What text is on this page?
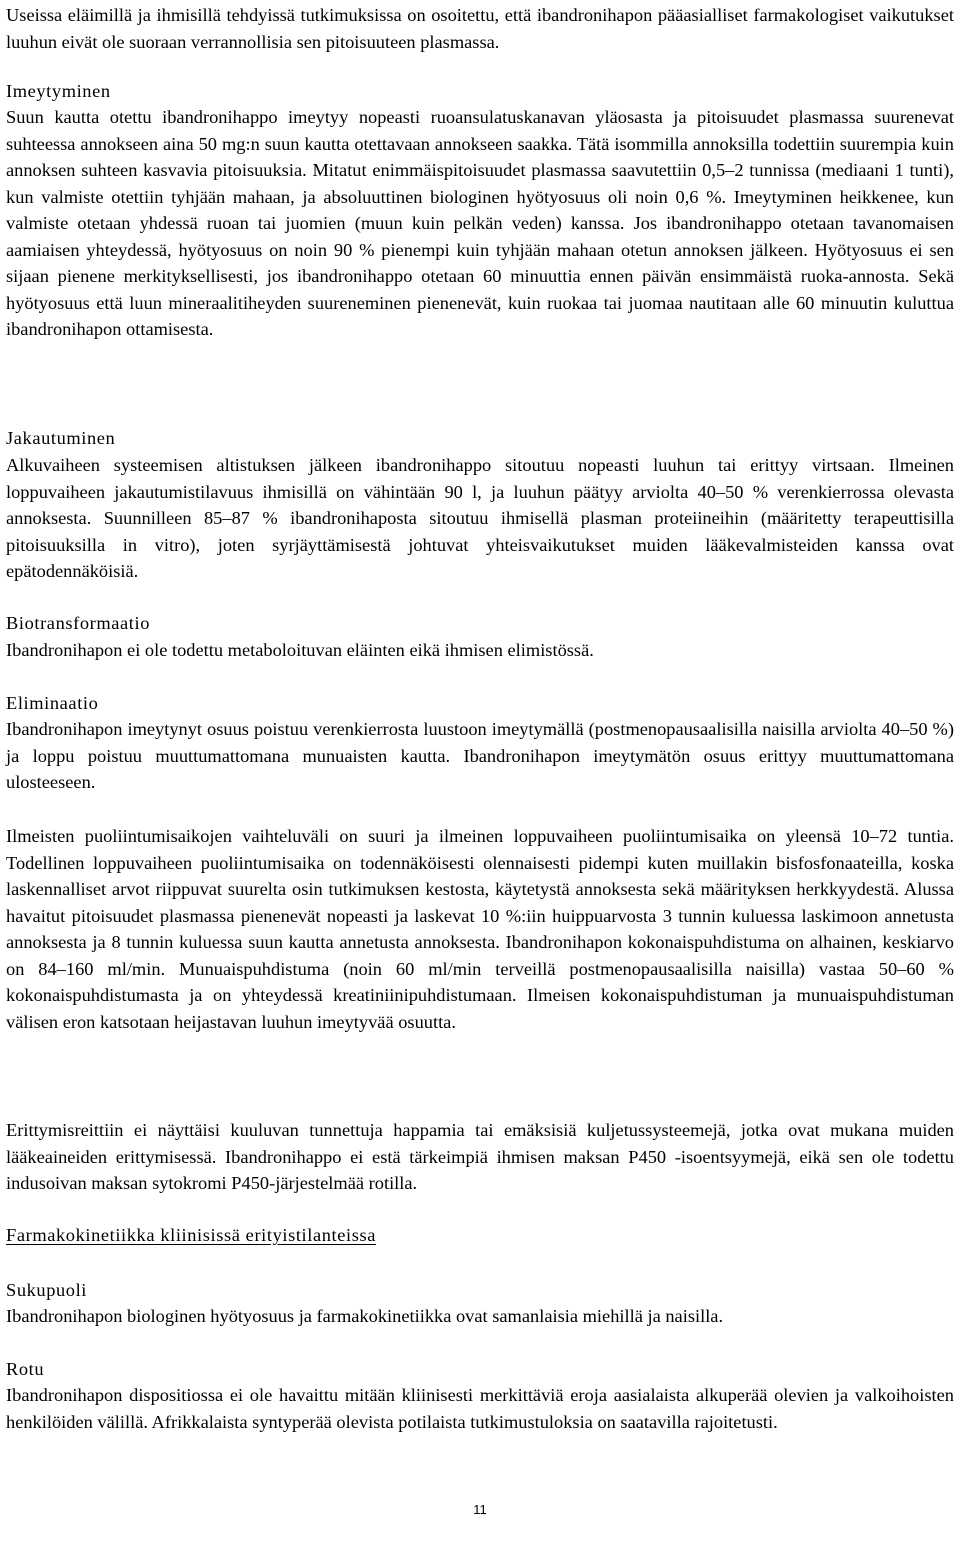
Useissa eläimillä ja ihmisillä tehdyissä tutkimuksissa on osoitettu, että ibandronihapon pääasialliset farmakologiset vaikutukset luuhun eivät ole suoraan verrannollisia sen pitoisuuteen plasmassa.

Imeytyminen

Suun kautta otettu ibandronihappo imeytyy nopeasti ruoansulatuskanavan yläosasta ja pitoisuudet plasmassa suurenevat suhteessa annokseen aina 50 mg:n suun kautta otettavaan annokseen saakka. Tätä isommilla annoksilla todettiin suurempia kuin annoksen suhteen kasvavia pitoisuuksia. Mitatut enimmäispitoisuudet plasmassa saavutettiin 0,5–2 tunnissa (mediaani 1 tunti), kun valmiste otettiin tyhjään mahaan, ja absoluuttinen biologinen hyötyosuus oli noin 0,6 %. Imeytyminen heikkenee, kun valmiste otetaan yhdessä ruoan tai juomien (muun kuin pelkän veden) kanssa. Jos ibandronihappo otetaan tavanomaisen aamiaisen yhteydessä, hyötyosuus on noin 90 % pienempi kuin tyhjään mahaan otetun annoksen jälkeen. Hyötyosuus ei sen sijaan pienene merkityksellisesti, jos ibandronihappo otetaan 60 minuuttia ennen päivän ensimmäistä ruoka-annosta. Sekä hyötyosuus että luun mineraalitiheyden suureneminen pienenevät, kuin ruokaa tai juomaa nautitaan alle 60 minuutin kuluttua ibandronihapon ottamisesta.

Jakautuminen

Alkuvaiheen systeemisen altistuksen jälkeen ibandronihappo sitoutuu nopeasti luuhun tai erittyy virtsaan. Ilmeinen loppuvaiheen jakautumistilavuus ihmisillä on vähintään 90 l, ja luuhun päätyy arviolta 40–50 % verenkierrossa olevasta annoksesta. Suunnilleen 85–87 % ibandronihaposta sitoutuu ihmisellä plasman proteiineihin (määritetty terapeuttisilla pitoisuuksilla in vitro), joten syrjäyttämisestä johtuvat yhteisvaikutukset muiden lääkevalmisteiden kanssa ovat epätodennäköisiä.

Biotransformaatio

Ibandronihapon ei ole todettu metaboloituvan eläinten eikä ihmisen elimistössä.

Eliminaatio

Ibandronihapon imeytynyt osuus poistuu verenkierrosta luustoon imeytymällä (postmenopausaalisilla naisilla arviolta 40–50 %) ja loppu poistuu muuttumattomana munuaisten kautta. Ibandronihapon imeytymätön osuus erittyy muuttumattomana ulosteeseen.

Ilmeisten puoliintumisaikojen vaihteluväli on suuri ja ilmeinen loppuvaiheen puoliintumisaika on yleensä 10–72 tuntia. Todellinen loppuvaiheen puoliintumisaika on todennäköisesti olennaisesti pidempi kuten muillakin bisfosfonaateilla, koska laskennalliset arvot riippuvat suurelta osin tutkimuksen kestosta, käytetystä annoksesta sekä määrityksen herkkyydestä. Alussa havaitut pitoisuudet plasmassa pienenevät nopeasti ja laskevat 10 %:iin huippuarvosta 3 tunnin kuluessa laskimoon annetusta annoksesta ja 8 tunnin kuluessa suun kautta annetusta annoksesta. Ibandronihapon kokonaispuhdistuma on alhainen, keskiarvo on 84–160 ml/min. Munuaispuhdistuma (noin 60 ml/min terveillä postmenopausaalisilla naisilla) vastaa 50–60 % kokonaispuhdistumasta ja on yhteydessä kreatiniinipuhdistumaan. Ilmeisen kokonaispuhdistuman ja munuaispuhdistuman välisen eron katsotaan heijastavan luuhun imeytyvää osuutta.

Erittymisreittiin ei näyttäisi kuuluvan tunnettuja happamia tai emäksisiä kuljetussysteemejä, jotka ovat mukana muiden lääkeaineiden erittymisessä. Ibandronihappo ei estä tärkeimpiä ihmisen maksan P450 -isoentsyymejä, eikä sen ole todettu indusoivan maksan sytokromi P450-järjestelmää rotilla.

Farmakokinetiikka kliinisissä erityistilanteissa

Sukupuoli

Ibandronihapon biologinen hyötyosuus ja farmakokinetiikka ovat samanlaisia miehillä ja naisilla.

Rotu

Ibandronihapon dispositiossa ei ole havaittu mitään kliinisesti merkittäviä eroja aasialaista alkuperää olevien ja valkoihoisten henkilöiden välillä. Afrikkalaista syntyperää olevista potilaista tutkimustuloksia on saatavilla rajoitetusti.

11
